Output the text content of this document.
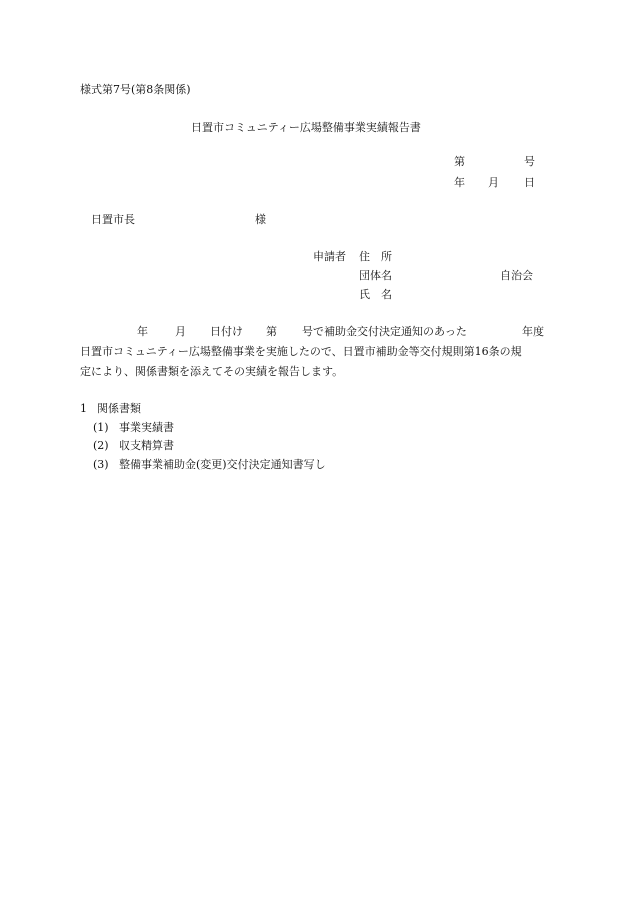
様式第7号(第8条関係)
日置市コミュニティー広場整備事業実績報告書
第	号
年 月 日
日置市長	様
申請者 住　所
団体名	自治会
氏　名
年 月 日付け 第 号で補助金交付決定通知のあった	年度
日置市コミュニティー広場整備事業を実施したので、日置市補助金等交付規則第16条の規
定により、関係書類を添えてその実績を報告します。
1 関係書類
(1) 事業実績書
(2) 収支精算書
(3) 整備事業補助金(変更)交付決定通知書写し
